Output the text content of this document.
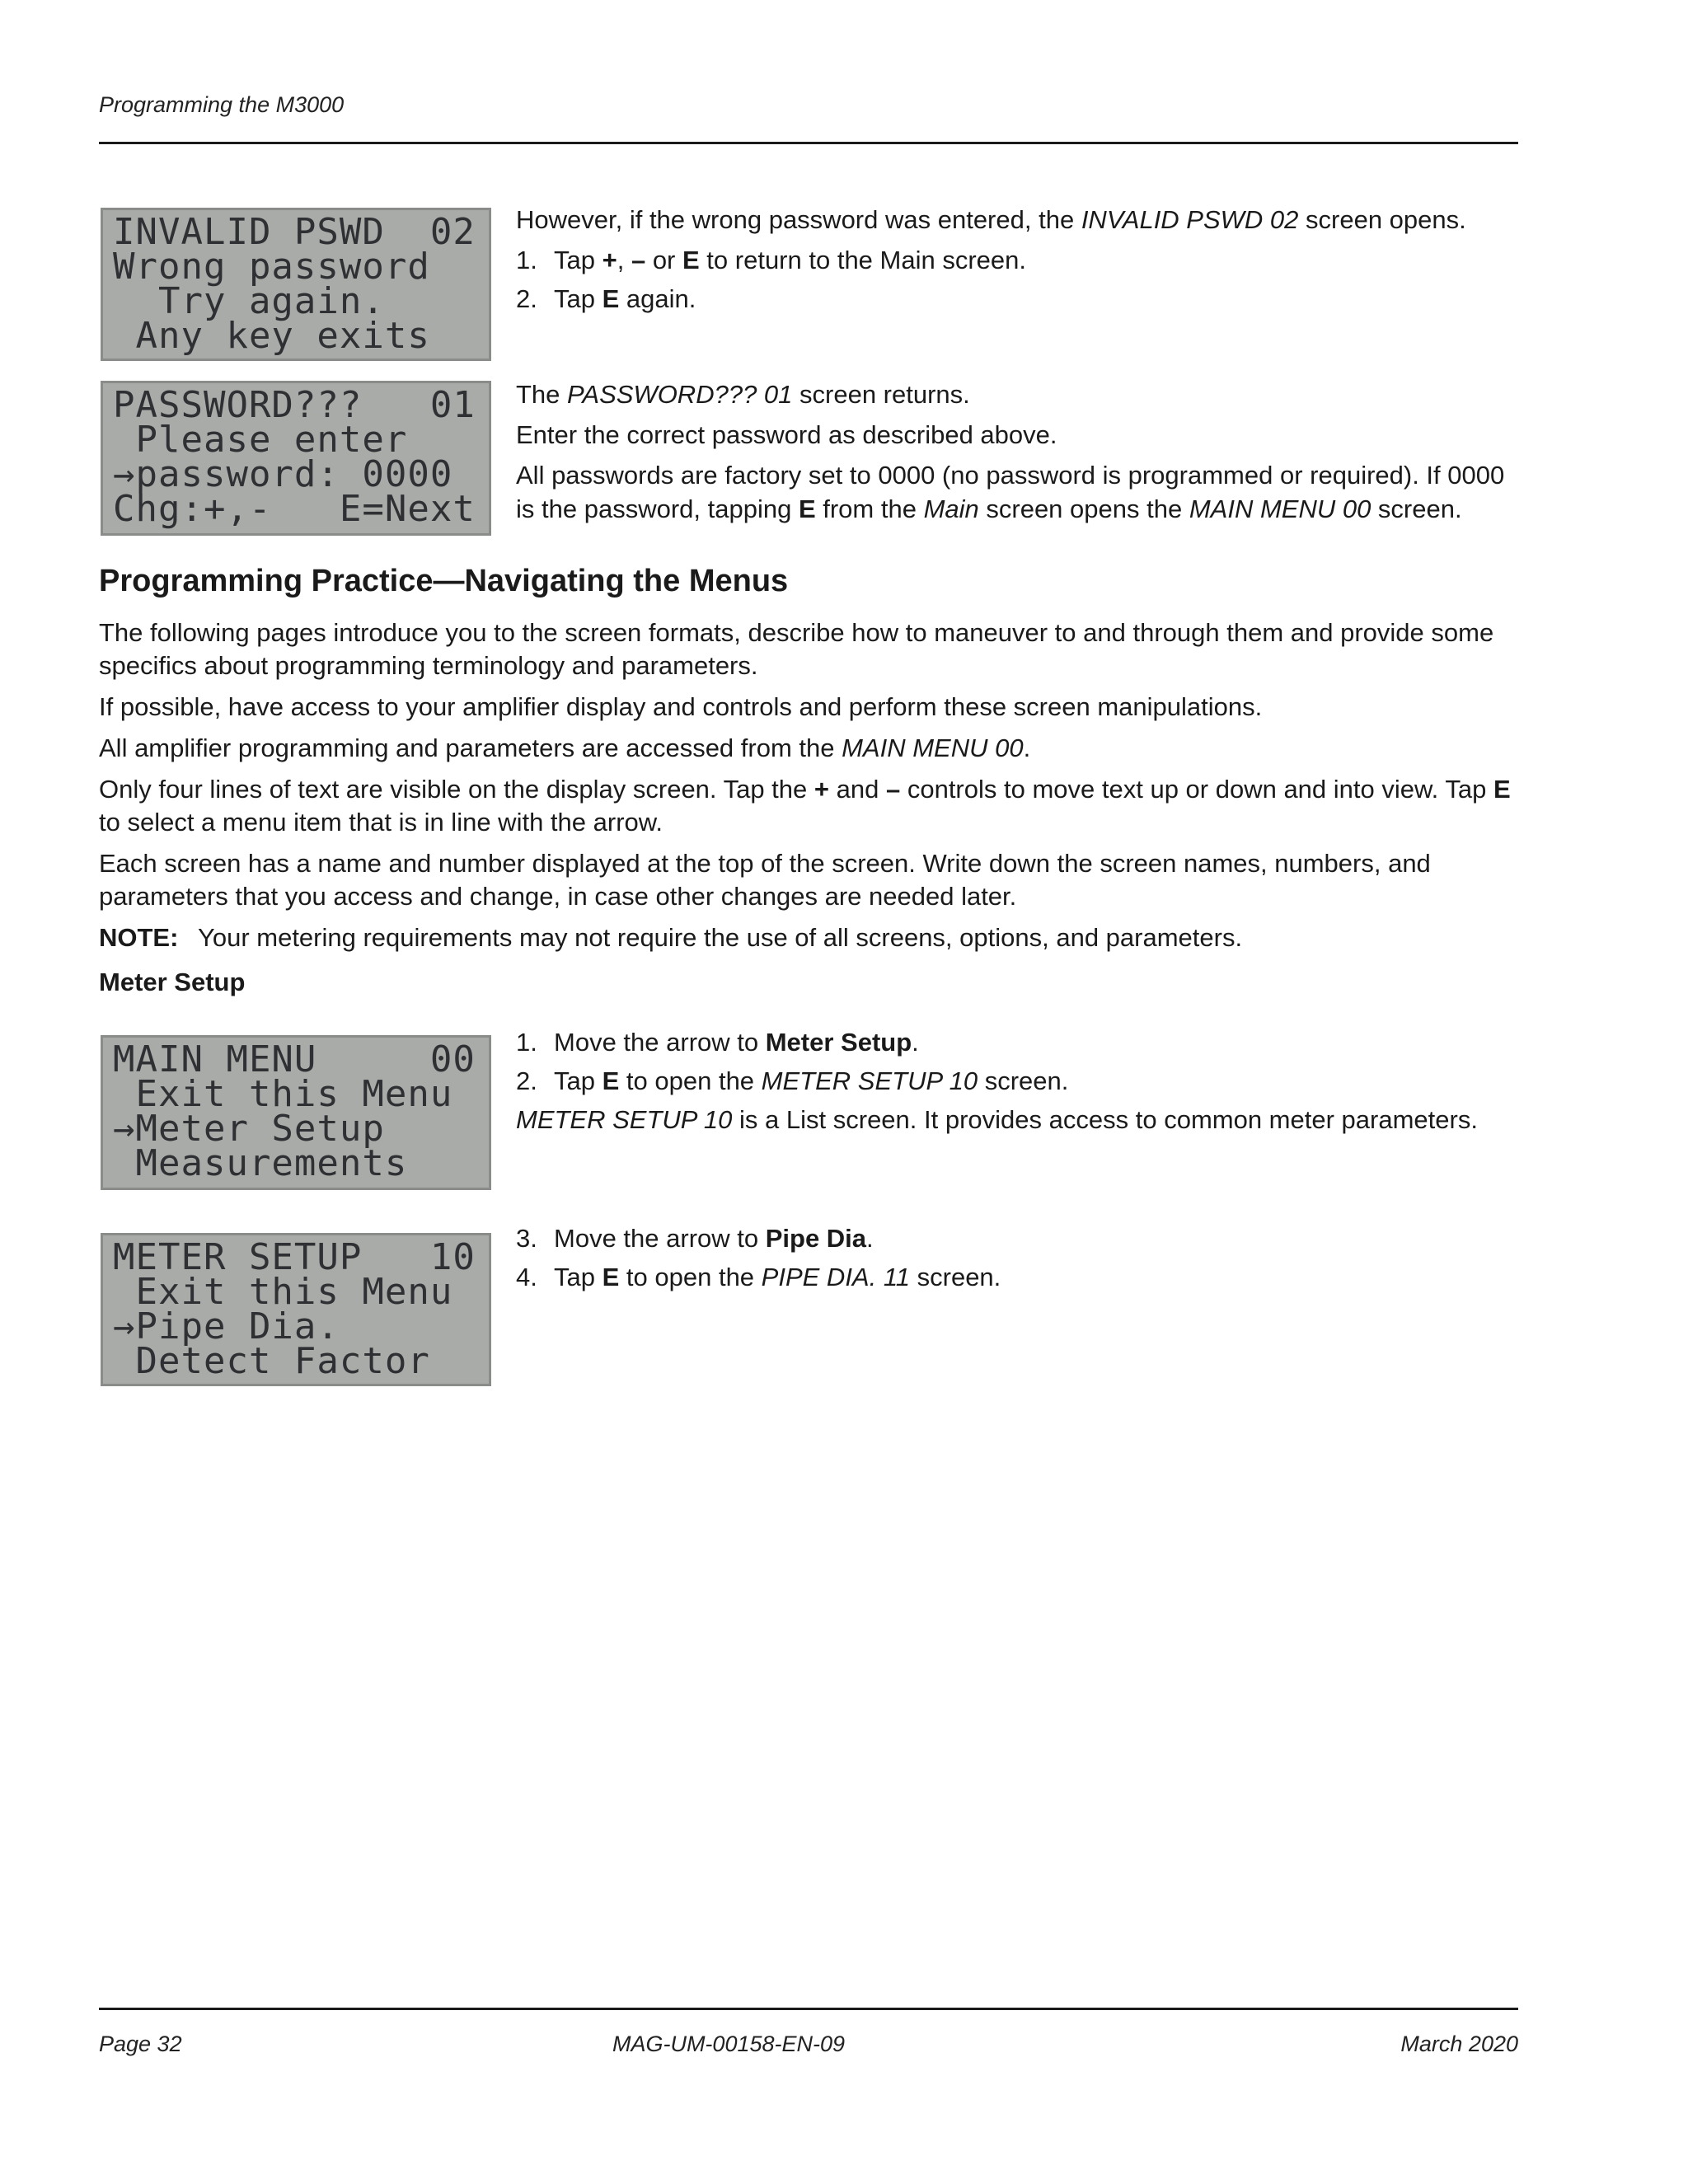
Programming the M3000
INVALID PSWD  02
Wrong password
Try again.
Any key exits

However, if the wrong password was entered, the INVALID PSWD 02 screen opens.

1. Tap +, – or E to return to the Main screen.
2. Tap E again.
PASSWORD???   01
Please enter
→password: 0000
Chg:+,-   E=Next

The PASSWORD??? 01 screen returns.

Enter the correct password as described above.

All passwords are factory set to 0000 (no password is programmed or required). If 0000 is the password, tapping E from the Main screen opens the MAIN MENU 00 screen.

Programming Practice—Navigating the Menus

The following pages introduce you to the screen formats, describe how to maneuver to and through them and provide some specifics about programming terminology and parameters.

If possible, have access to your amplifier display and controls and perform these screen manipulations.

All amplifier programming and parameters are accessed from the MAIN MENU 00.

Only four lines of text are visible on the display screen. Tap the + and – controls to move text up or down and into view. Tap E to select a menu item that is in line with the arrow.

Each screen has a name and number displayed at the top of the screen. Write down the screen names, numbers, and parameters that you access and change, in case other changes are needed later.

NOTE: Your metering requirements may not require the use of all screens, options, and parameters.

Meter Setup
MAIN MENU     00
Exit this Menu
→Meter Setup
Measurements
1. Move the arrow to Meter Setup.
2. Tap E to open the METER SETUP 10 screen.

METER SETUP 10 is a List screen. It provides access to common meter parameters.

METER SETUP   10
Exit this Menu
→Pipe Dia.
Detect Factor
3. Move the arrow to Pipe Dia.
4. Tap E to open the PIPE DIA. 11 screen.
Page 32	MAG-UM-00158-EN-09	March 2020
